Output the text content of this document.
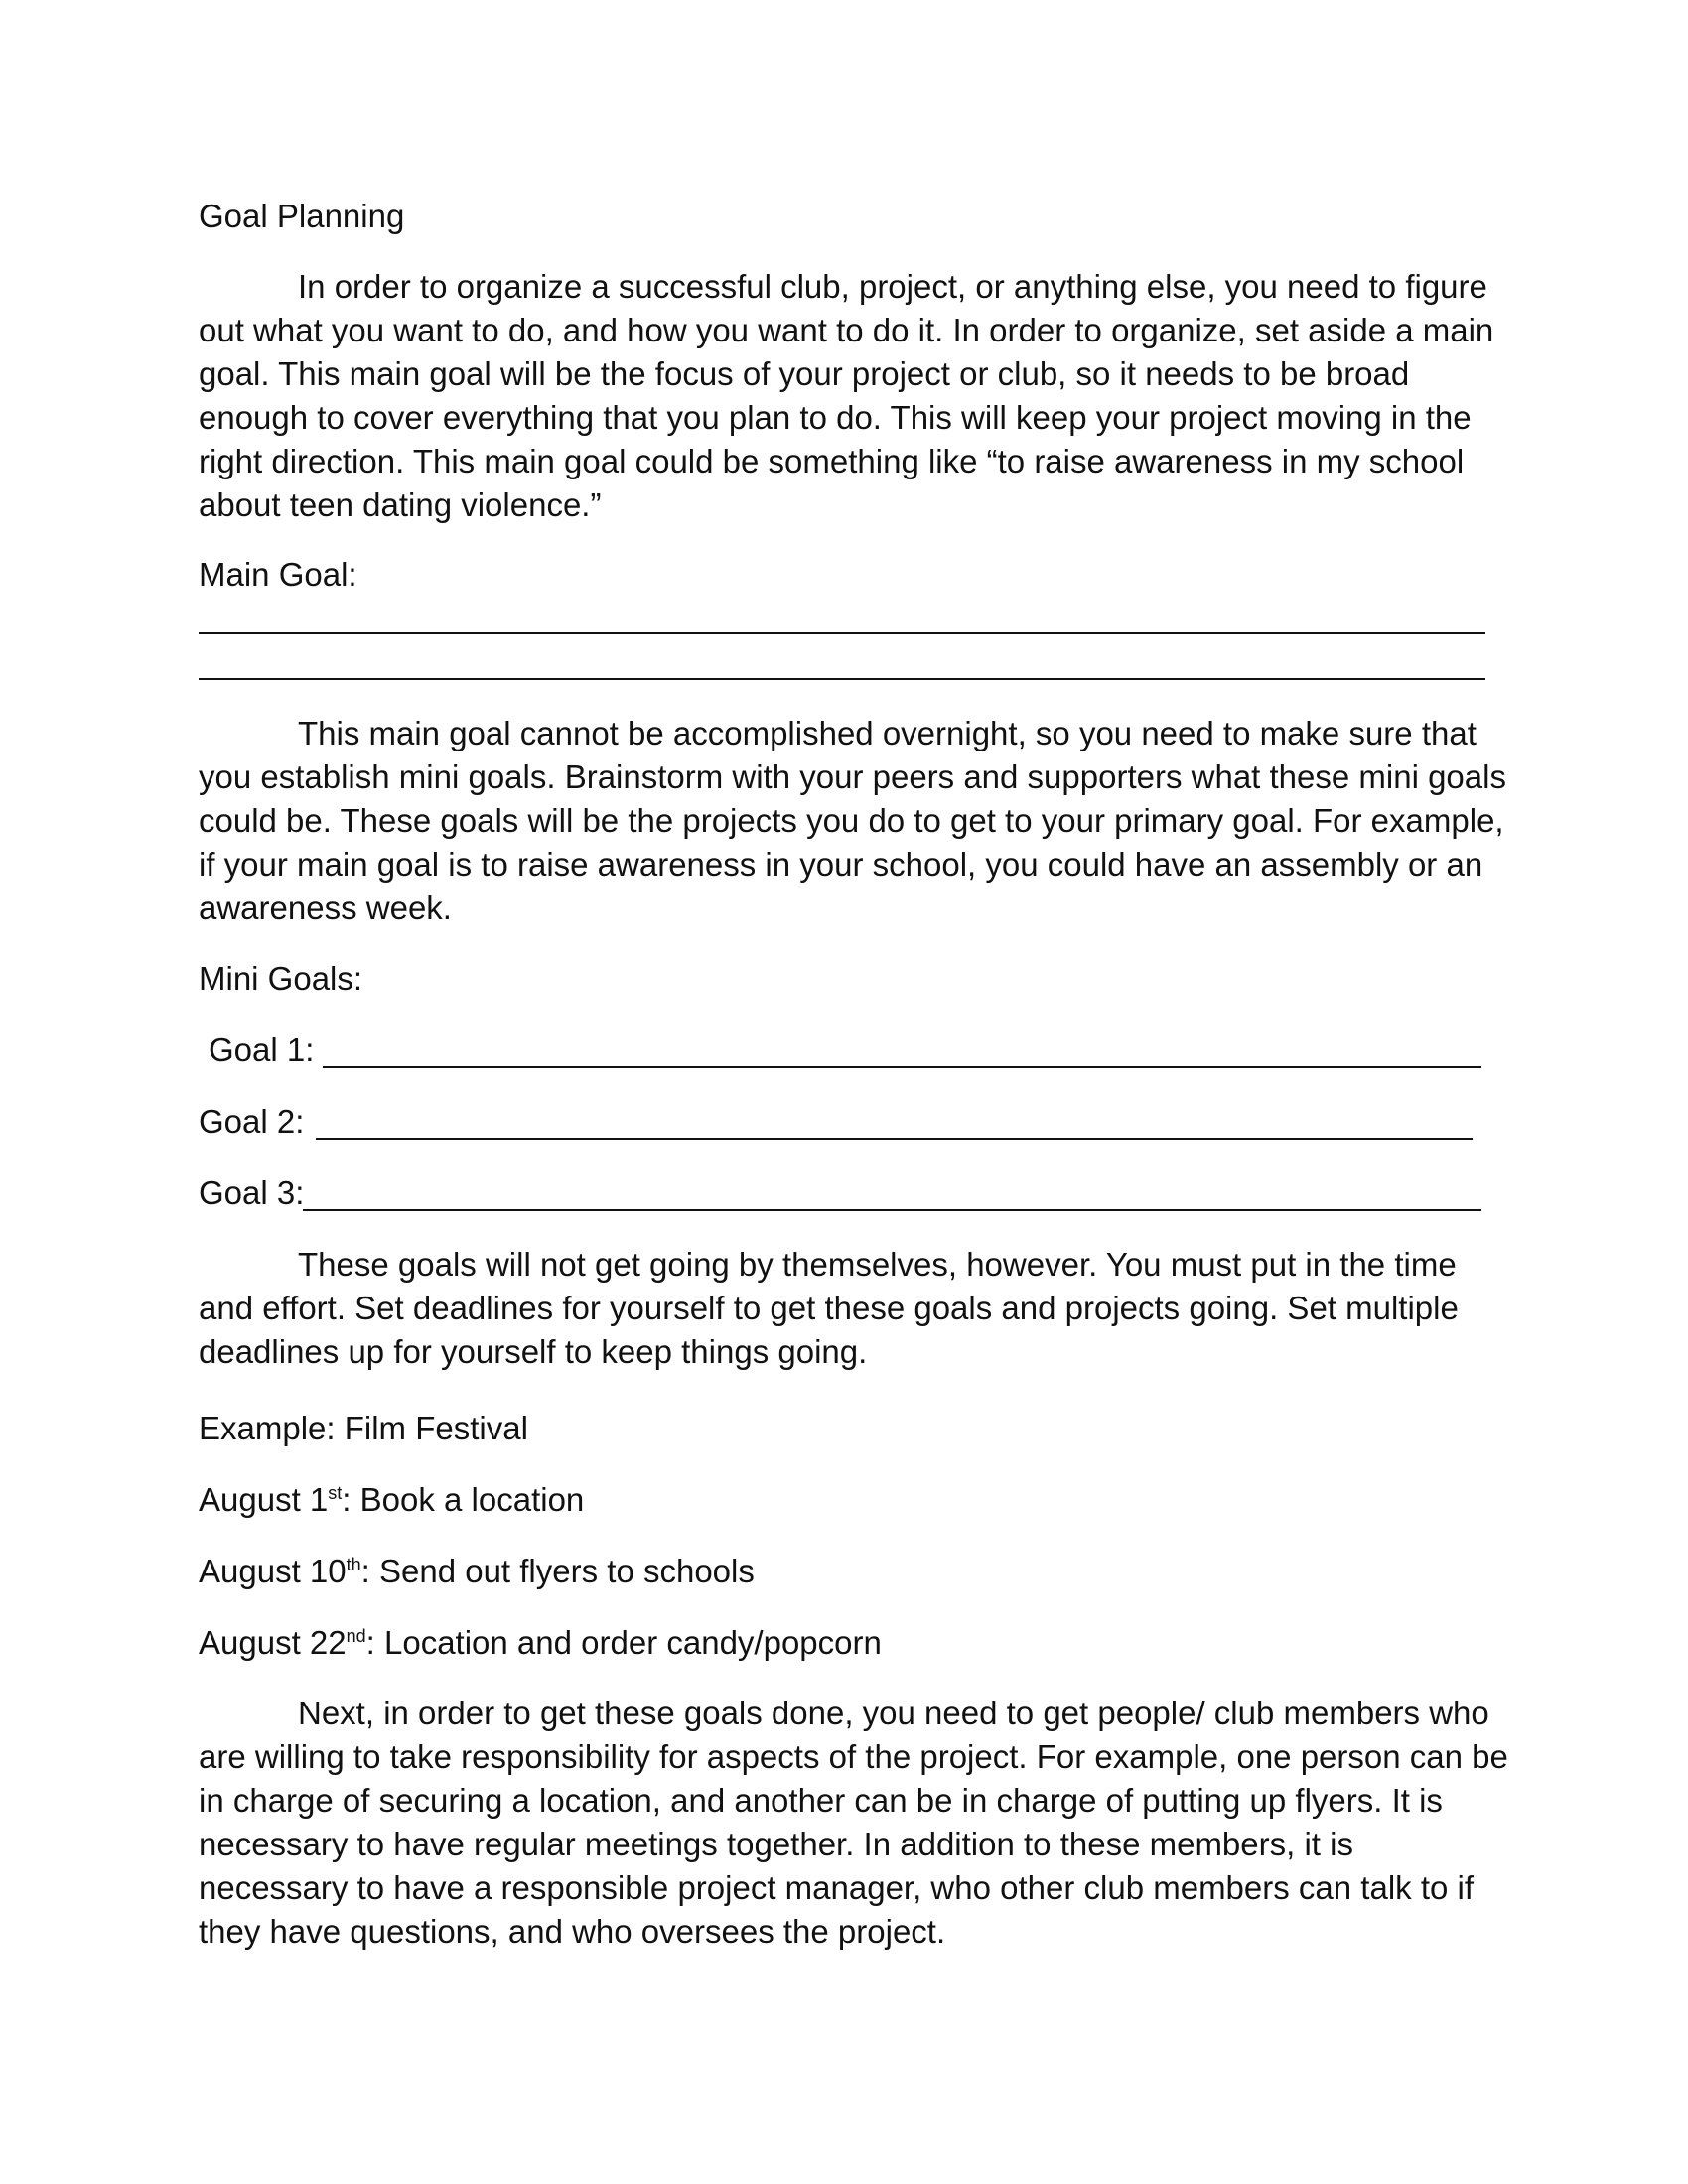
Goal Planning
In order to organize a successful club, project, or anything else, you need to figure out what you want to do, and how you want to do it. In order to organize, set aside a main goal. This main goal will be the focus of your project or club, so it needs to be broad enough to cover everything that you plan to do. This will keep your project moving in the right direction. This main goal could be something like “to raise awareness in my school about teen dating violence.”
Main Goal:
This main goal cannot be accomplished overnight, so you need to make sure that you establish mini goals. Brainstorm with your peers and supporters what these mini goals could be. These goals will be the projects you do to get to your primary goal. For example, if your main goal is to raise awareness in your school, you could have an assembly or an awareness week.
Mini Goals:
Goal 1:
Goal 2:
Goal 3:
These goals will not get going by themselves, however. You must put in the time and effort. Set deadlines for yourself to get these goals and projects going. Set multiple deadlines up for yourself to keep things going.
Example: Film Festival
August 1st: Book a location
August 10th: Send out flyers to schools
August 22nd: Location and order candy/popcorn
Next, in order to get these goals done, you need to get people/ club members who are willing to take responsibility for aspects of the project. For example, one person can be in charge of securing a location, and another can be in charge of putting up flyers. It is necessary to have regular meetings together. In addition to these members, it is necessary to have a responsible project manager, who other club members can talk to if they have questions, and who oversees the project.
